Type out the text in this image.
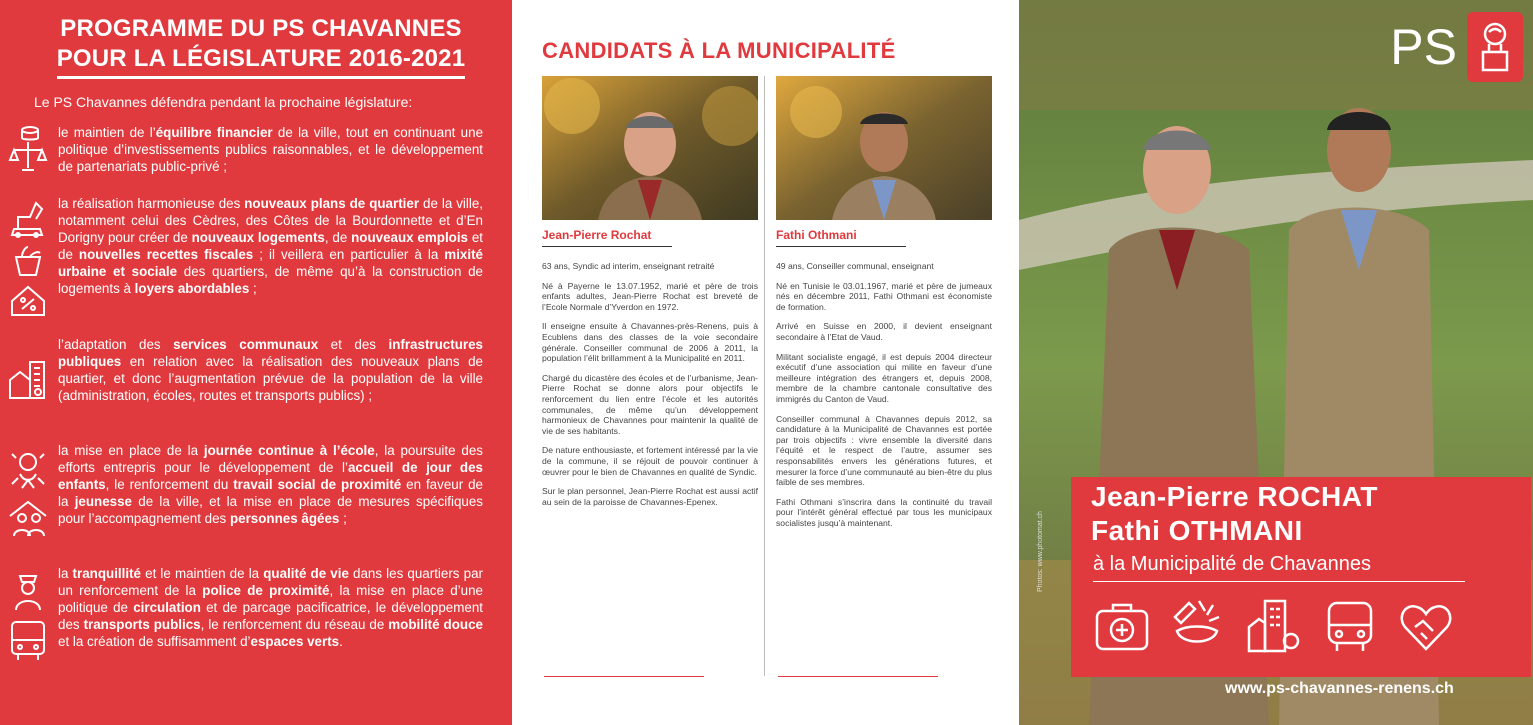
PROGRAMME DU PS CHAVANNES
POUR LA LÉGISLATURE 2016-2021
Le PS Chavannes défendra pendant la prochaine législature:
le maintien de l’équilibre financier de la ville, tout en continuant une politique d’investissements publics raisonnables, et le développement de partenariats public-privé ;
la réalisation harmonieuse des nouveaux plans de quartier de la ville, notamment celui des Cèdres, des Côtes de la Bourdonnette et d’En Dorigny pour créer de nouveaux logements, de nouveaux emplois et de nouvelles recettes fiscales ; il veillera en particulier à la mixité urbaine et sociale des quartiers, de même qu’à la construction de logements à loyers abordables ;
l’adaptation des services communaux et des infrastructures publiques en relation avec la réalisation des nouveaux plans de quartier, et donc l’augmentation prévue de la population de la ville (administration, écoles, routes et transports publics) ;
la mise en place de la journée continue à l’école, la poursuite des efforts entrepris pour le développement de l’accueil de jour des enfants, le renforcement du travail social de proximité en faveur de la jeunesse de la ville, et la mise en place de mesures spécifiques pour l’accompagnement des personnes âgées ;
la tranquillité et le maintien de la qualité de vie dans les quartiers par un renforcement de la police de proximité, la mise en place d’une politique de circulation et de parcage pacificatrice, le développement des transports publics, le renforcement du réseau de mobilité douce et la création de suffisamment d’espaces verts.
CANDIDATS À LA MUNICIPALITÉ
Jean-Pierre Rochat
63 ans, Syndic ad interim, enseignant retraité
Né à Payerne le 13.07.1952, marié et père de trois enfants adultes, Jean-Pierre Rochat est breveté de l’Ecole Normale d’Yverdon en 1972.
Il enseigne ensuite à Chavannes-près-Renens, puis à Ecublens dans des classes de la voie secondaire générale. Conseiller communal de 2006 à 2011, la population l’élit brillamment à la Municipalité en 2011.
Chargé du dicastère des écoles et de l’urbanisme, Jean-Pierre Rochat se donne alors pour objectifs le renforcement du lien entre l’école et les autorités communales, de même qu’un développement harmonieux de Chavannes pour maintenir la qualité de vie de ses habitants.
De nature enthousiaste, et fortement intéressé par la vie de la commune, il se réjouit de pouvoir continuer à œuvrer pour le bien de Chavannes en qualité de Syndic.
Sur le plan personnel, Jean-Pierre Rochat est aussi actif au sein de la paroisse de Chavannes-Epenex.
Fathi Othmani
49 ans, Conseiller communal, enseignant
Né en Tunisie le 03.01.1967, marié et père de jumeaux nés en décembre 2011, Fathi Othmani est économiste de formation.
Arrivé en Suisse en 2000, il devient enseignant secondaire à l’Etat de Vaud.
Militant socialiste engagé, il est depuis 2004 directeur exécutif d’une association qui milite en faveur d’une meilleure intégration des étrangers et, depuis 2008, membre de la chambre cantonale consultative des immigrés du Canton de Vaud.
Conseiller communal à Chavannes depuis 2012, sa candidature à la Municipalité de Chavannes est portée par trois objectifs : vivre ensemble la diversité dans l’équité et le respect de l’autre, assumer ses responsabilités envers les générations futures, et mesurer la force d’une communauté au bien-être du plus faible de ses membres.
Fathi Othmani s’inscrira dans la continuité du travail pour l’intérêt général effectué par tous les municipaux socialistes jusqu’à maintenant.
PS
Photos: www.photomat.ch
Jean-Pierre ROCHAT
Fathi OTHMANI
à la Municipalité de Chavannes
www.ps-chavannes-renens.ch
